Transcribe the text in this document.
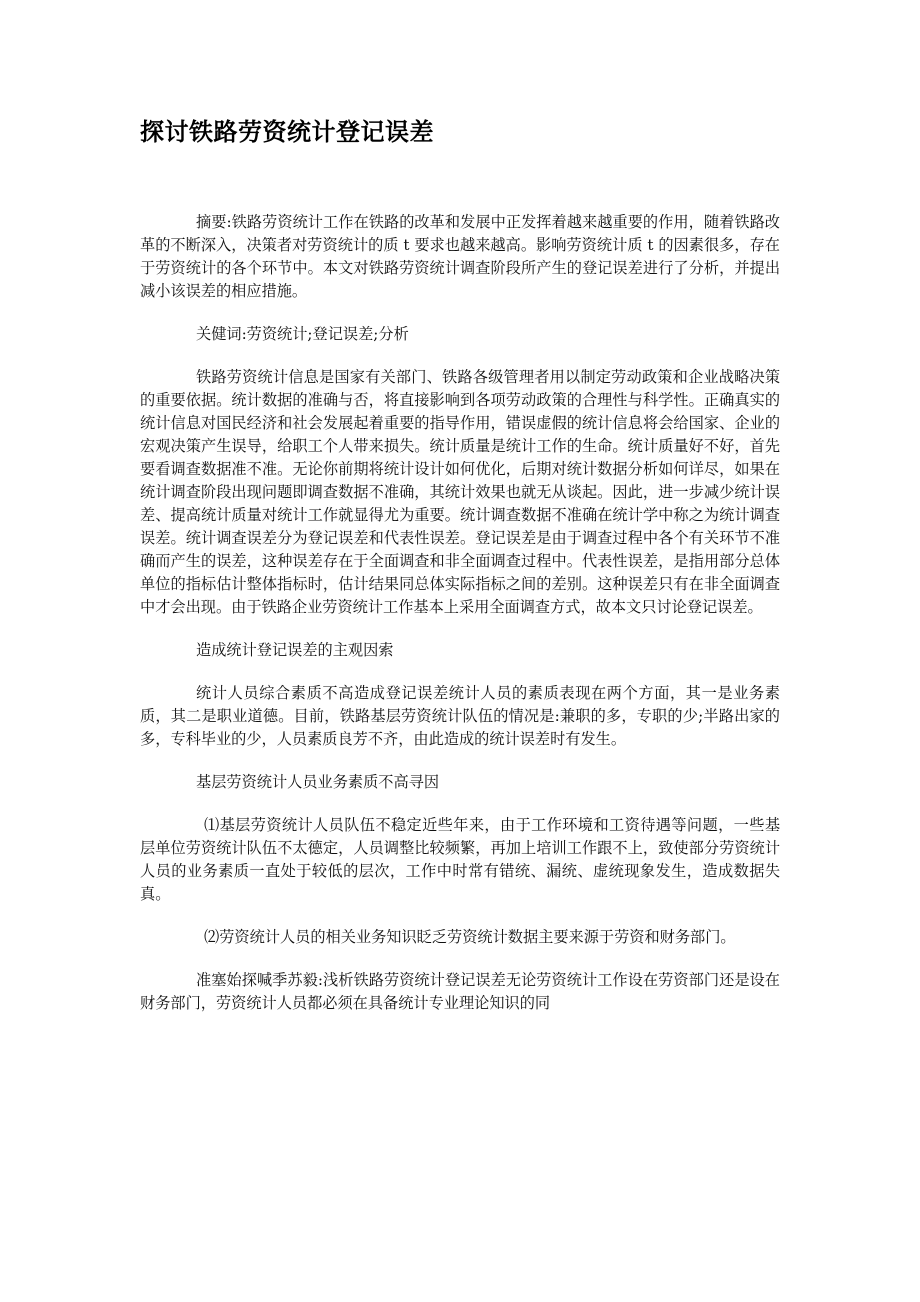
探讨铁路劳资统计登记误差

摘要:铁路劳资统计工作在铁路的改革和发展中正发挥着越来越重要的作用，随着铁路改革的不断深入，决策者对劳资统计的质 t 要求也越来越高。影响劳资统计质 t 的因素很多，存在于劳资统计的各个环节中。本文对铁路劳资统计调查阶段所产生的登记误差进行了分析，并提出减小该误差的相应措施。

关健词:劳资统计;登记误差;分析

铁路劳资统计信息是国家有关部门、铁路各级管理者用以制定劳动政策和企业战略决策的重要依据。统计数据的准确与否，将直接影响到各项劳动政策的合理性与科学性。正确真实的统计信息对国民经济和社会发展起着重要的指导作用，错误虚假的统计信息将会给国家、企业的宏观决策产生误导，给职工个人带来损失。统计质量是统计工作的生命。统计质量好不好，首先要看调查数据准不准。无论你前期将统计设计如何优化，后期对统计数据分析如何详尽，如果在统计调查阶段出现问题即调查数据不准确，其统计效果也就无从谈起。因此，进一步减少统计误差、提高统计质量对统计工作就显得尤为重要。统计调查数据不准确在统计学中称之为统计调查误差。统计调查误差分为登记误差和代表性误差。登记误差是由于调查过程中各个有关环节不准确而产生的误差，这种误差存在于全面调查和非全面调查过程中。代表性误差，是指用部分总体单位的指标估计整体指标时，估计结果同总体实际指标之间的差别。这种误差只有在非全面调查中才会出现。由于铁路企业劳资统计工作基本上采用全面调查方式，故本文只讨论登记误差。

造成统计登记误差的主观因索

统计人员综合素质不高造成登记误差统计人员的素质表现在两个方面，其一是业务素质，其二是职业道德。目前，铁路基层劳资统计队伍的情况是:兼职的多，专职的少;半路出家的多，专科毕业的少，人员素质良芳不齐，由此造成的统计误差时有发生。

基层劳资统计人员业务素质不高寻因

⑴基层劳资统计人员队伍不稳定近些年来，由于工作环境和工资待遇等问题，一些基层单位劳资统计队伍不太德定，人员调整比较频繁，再加上培训工作跟不上，致使部分劳资统计人员的业务素质一直处于较低的层次，工作中时常有错统、漏统、虚统现象发生，造成数据失真。

⑵劳资统计人员的相关业务知识眨乏劳资统计数据主要来源于劳资和财务部门。

准塞始探喊季苏毅:浅析铁路劳资统计登记误差无论劳资统计工作设在劳资部门还是设在财务部门，劳资统计人员都必须在具备统计专业理论知识的同
